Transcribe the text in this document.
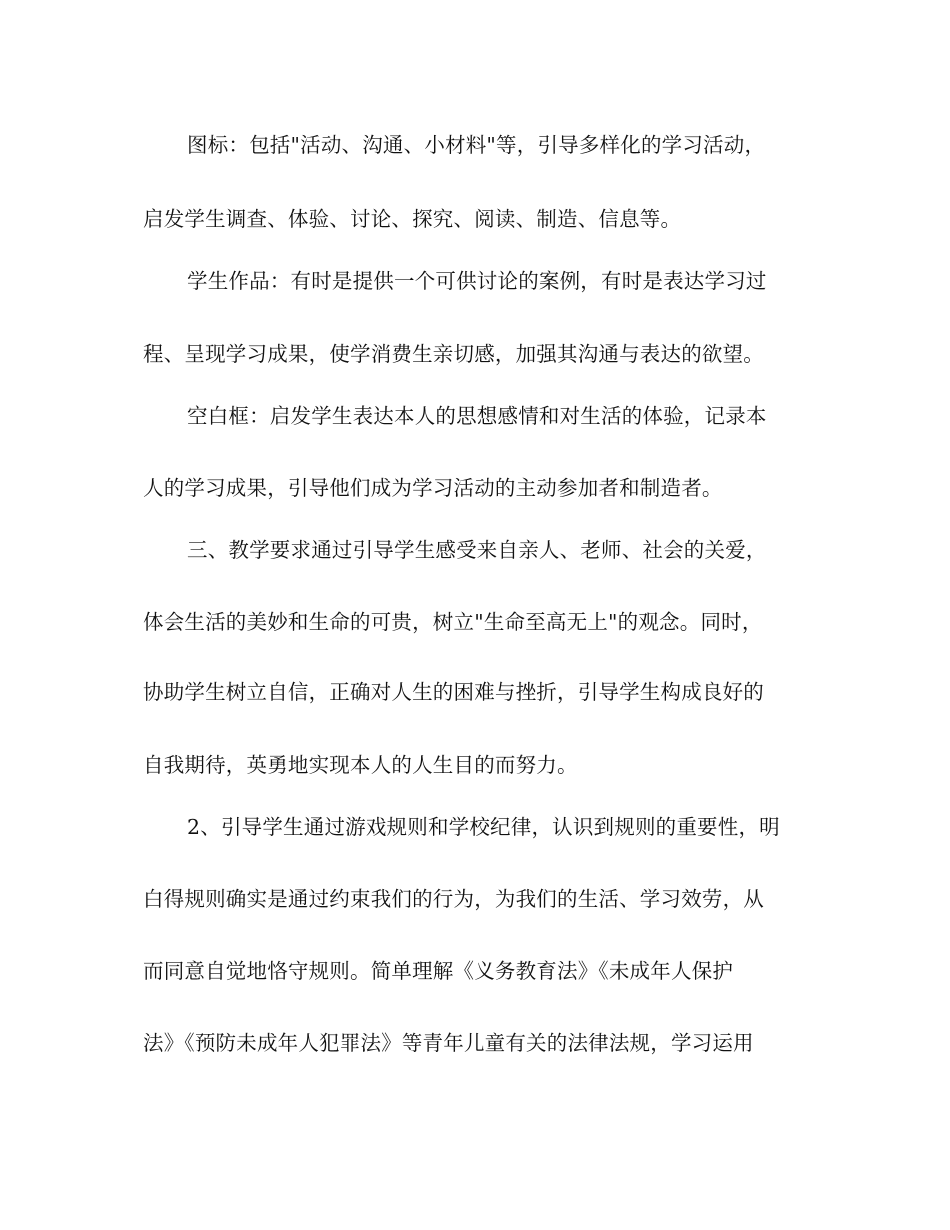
图标：包括"活动、沟通、小材料"等，引导多样化的学习活动，
启发学生调查、体验、讨论、探究、阅读、制造、信息等。
学生作品：有时是提供一个可供讨论的案例，有时是表达学习过
程、呈现学习成果，使学消费生亲切感，加强其沟通与表达的欲望。
空白框：启发学生表达本人的思想感情和对生活的体验，记录本
人的学习成果，引导他们成为学习活动的主动参加者和制造者。
三、教学要求通过引导学生感受来自亲人、老师、社会的关爱，
体会生活的美妙和生命的可贵，树立"生命至高无上"的观念。同时，
协助学生树立自信，正确对人生的困难与挫折，引导学生构成良好的
自我期待，英勇地实现本人的人生目的而努力。
2、引导学生通过游戏规则和学校纪律，认识到规则的重要性，明
白得规则确实是通过约束我们的行为，为我们的生活、学习效劳，从
而同意自觉地恪守规则。简单理解《义务教育法》《未成年人保护
法》《预防未成年人犯罪法》等青年儿童有关的法律法规，学习运用
